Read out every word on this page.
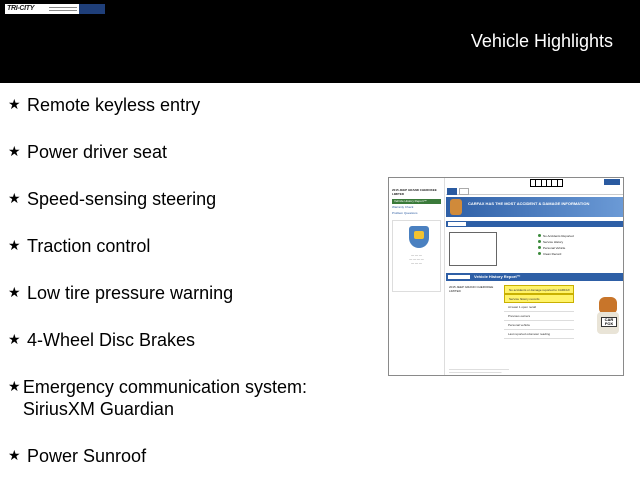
TRI-CITY
Vehicle Highlights
★ Remote keyless entry
★ Power driver seat
★ Speed-sensing steering
★ Traction control
★ Low tire pressure warning
★ 4-Wheel Disc Brakes
★ Emergency communication system: SiriusXM Guardian
★ Power Sunroof
2015 JEEP GRAND CHEROKEE LIMITED
Vehicle History Report™
Warranty Check
Problem Questions
— — —
— — — —
— — —
CARFAX HAS THE MOST ACCIDENT & DAMAGE INFORMATION
No Accidents Reported
Service History
Personal Vehicle
Clean Record
Vehicle History Report™
2015 JEEP GRAND CHEROKEE LIMITED	No accidents or damage reported to CARFAX
Service history records
At least 1 open recall
Previous owners
Personal vehicle
Last reported odometer reading
CAR FOX
————————————————————————
—————————————————————
